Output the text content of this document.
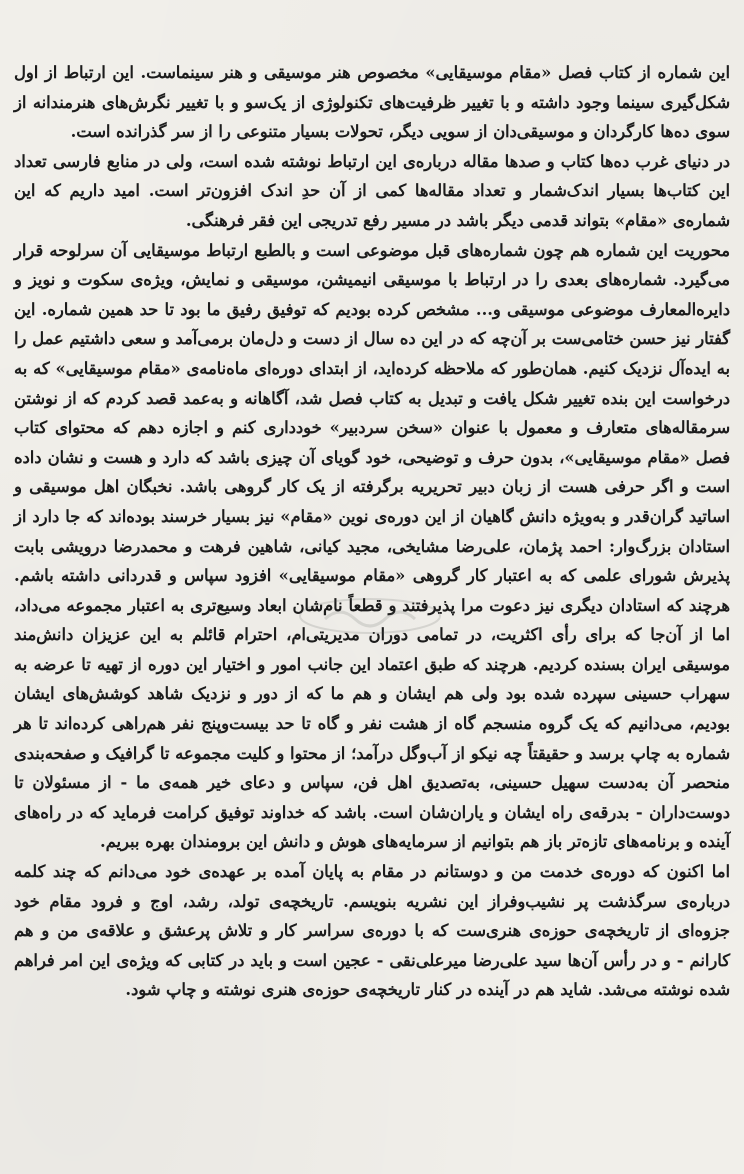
این شماره از کتاب فصل «مقام موسیقایی» مخصوص هنر موسیقی و هنر سینماست. این ارتباط از اول شکل‌گیری سینما وجود داشته و با تغییر ظرفیت‌های تکنولوژی از یک‌سو و با تغییر نگرش‌های هنرمندانه از سوی ده‌ها کارگردان و موسیقی‌دان از سویی دیگر، تحولات بسیار متنوعی را از سر گذرانده است.

در دنیای غرب ده‌ها کتاب و صدها مقاله درباره‌ی این ارتباط نوشته شده است، ولی در منابع فارسی تعداد این کتاب‌ها بسیار اندک‌شمار و تعداد مقاله‌ها کمی از آن حدِ اندک افزون‌تر است. امید داریم که این شماره‌ی «مقام» بتواند قدمی دیگر باشد در مسیر رفع تدریجی این فقر فرهنگی.

محوریت این شماره هم چون شماره‌های قبل موضوعی است و بالطبع ارتباط موسیقایی آن سرلوحه قرار می‌گیرد. شماره‌های بعدی را در ارتباط با موسیقی انیمیشن، موسیقی و نمایش، ویژه‌ی سکوت و نویز و دایره‌المعارف موضوعی موسیقی و... مشخص کرده بودیم که توفیق رفیق ما بود تا حد همین شماره. این گفتار نیز حسن ختامی‌ست بر آن‌چه که در این ده سال از دست و دل‌مان برمی‌آمد و سعی داشتیم عمل را به ایده‌آل نزدیک کنیم. همان‌طور که ملاحظه کرده‌اید، از ابتدای دوره‌ای ماه‌نامه‌ی «مقام موسیقایی» که به درخواست این بنده تغییر شکل یافت و تبدیل به کتاب فصل شد، آگاهانه و به‌عمد قصد کردم که از نوشتن سرمقاله‌های متعارف و معمول با عنوان «سخن سردبیر» خودداری کنم و اجازه دهم که محتوای کتاب فصل «مقام موسیقایی»، بدون حرف و توضیحی، خود گویای آن چیزی باشد که دارد و هست و نشان داده است و اگر حرفی هست از زبان دبیر تحریریه برگرفته از یک کار گروهی باشد. نخبگان اهل موسیقی و اساتید گران‌قدر و به‌ویژه دانش گاهیان از این دوره‌ی نوین «مقام» نیز بسیار خرسند بوده‌اند که جا دارد از استادان بزرگ‌وار: احمد پژمان، علی‌رضا مشایخی، مجید کیانی، شاهین فرهت و محمدرضا درویشی بابت پذیرش شورای علمی که به اعتبار کار گروهی «مقام موسیقایی» افزود سپاس و قدردانی داشته باشم. هرچند که استادان دیگری نیز دعوت مرا پذیرفتند و قطعاً نام‌شان ابعاد وسیع‌تری به اعتبار مجموعه می‌داد، اما از آن‌جا که برای رأی اکثریت، در تمامی دوران مدیریتی‌ام، احترام قائلم به این عزیزان دانش‌مند موسیقی ایران بسنده کردیم. هرچند که طبق اعتماد این جانب امور و اختیار این دوره از تهیه تا عرضه به سهراب حسینی سپرده شده بود ولی هم ایشان و هم ما که از دور و نزدیک شاهد کوشش‌های ایشان بودیم، می‌دانیم که یک گروه منسجم گاه از هشت نفر و گاه تا حد بیست‌وپنج نفر هم‌راهی کرده‌اند تا هر شماره به چاپ برسد و حقیقتاً چه نیکو از آب‌وگل درآمد؛ از محتوا و کلیت مجموعه تا گرافیک و صفحه‌بندی منحصر آن به‌دست سهیل حسینی، به‌تصدیق اهل فن، سپاس و دعای خیر همه‌ی ما - از مسئولان تا دوست‌داران - بدرقه‌ی راه ایشان و یاران‌شان است. باشد که خداوند توفیق کرامت فرماید که در راه‌های آینده و برنامه‌های تازه‌تر باز هم بتوانیم از سرمایه‌های هوش و دانش این برومندان بهره ببریم.

اما اکنون که دوره‌ی خدمت من و دوستانم در مقام به پایان آمده بر عهده‌ی خود می‌دانم که چند کلمه درباره‌ی سرگذشت پر نشیب‌وفراز این نشریه بنویسم. تاریخچه‌ی تولد، رشد، اوج و فرود مقام خود جزوه‌ای از تاریخچه‌ی حوزه‌ی هنری‌ست که با دوره‌ی سراسر کار و تلاش پرعشق و علاقه‌ی من و هم کارانم - و در رأس آن‌ها سید علی‌رضا میرعلی‌نقی - عجین است و باید در کتابی که ویژه‌ی این امر فراهم شده نوشته می‌شد. شاید هم در آینده در کنار تاریخچه‌ی حوزه‌ی هنری نوشته و چاپ شود.
